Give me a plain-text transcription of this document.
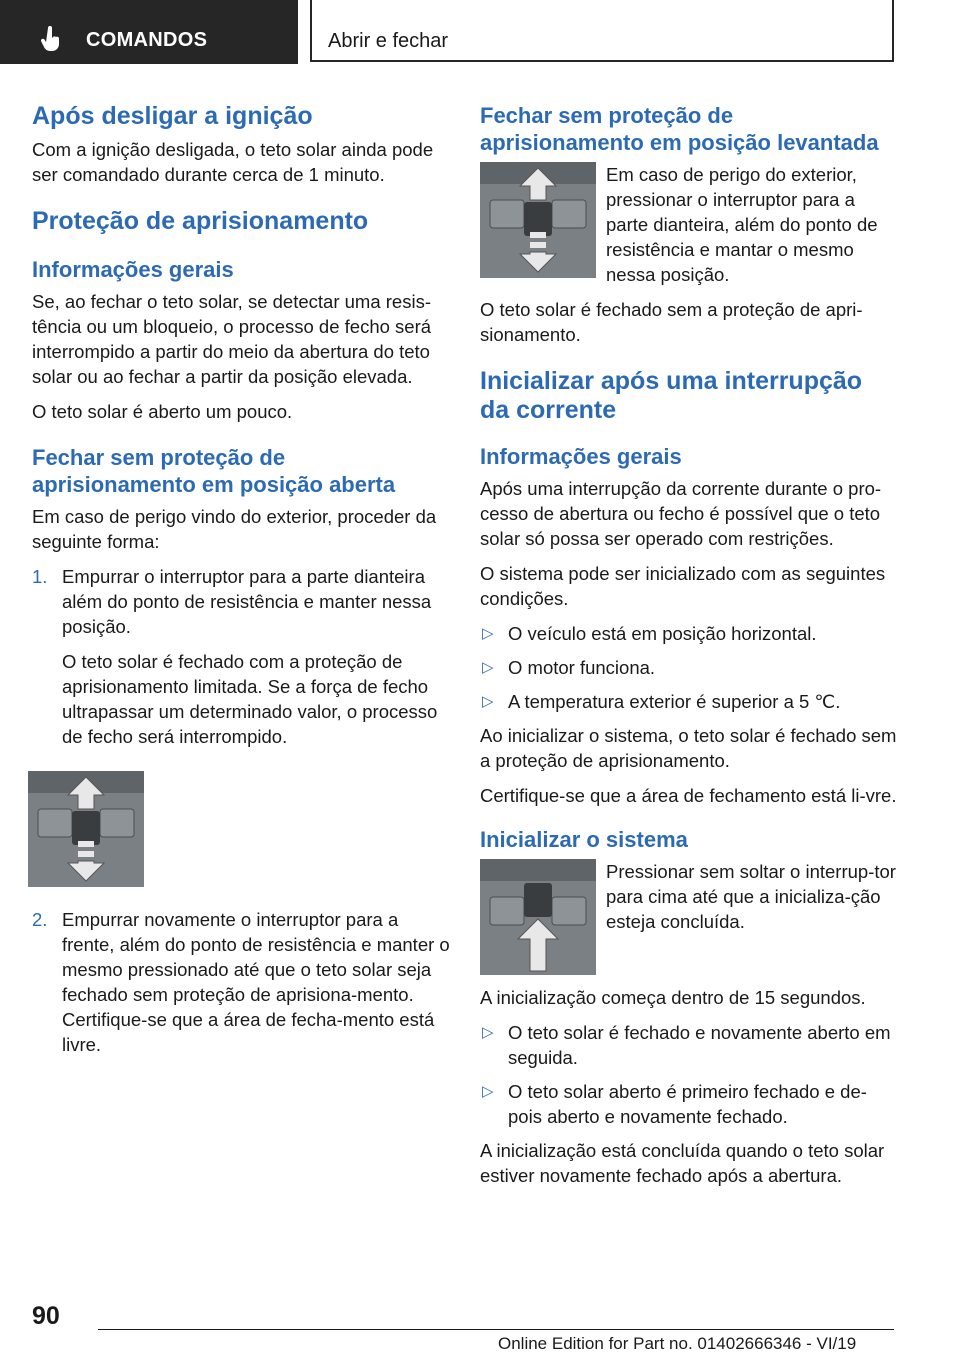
COMANDOS	Abrir e fechar
Após desligar a ignição
Com a ignição desligada, o teto solar ainda pode ser comandado durante cerca de 1 minuto.
Proteção de aprisionamento
Informações gerais
Se, ao fechar o teto solar, se detectar uma resis-tência ou um bloqueio, o processo de fecho será interrompido a partir do meio da abertura do teto solar ou ao fechar a partir da posição elevada.
O teto solar é aberto um pouco.
Fechar sem proteção de aprisionamento em posição aberta
Em caso de perigo vindo do exterior, proceder da seguinte forma:
1. Empurrar o interruptor para a parte dianteira além do ponto de resistência e manter nessa posição.
O teto solar é fechado com a proteção de aprisionamento limitada. Se a força de fecho ultrapassar um determinado valor, o processo de fecho será interrompido.
2. Empurrar novamente o interruptor para a frente, além do ponto de resistência e manter o mesmo pressionado até que o teto solar seja fechado sem proteção de aprisiona-mento. Certifique-se que a área de fecha-mento está livre.
Fechar sem proteção de aprisionamento em posição levantada
Em caso de perigo do exterior, pressionar o interruptor para a parte dianteira, além do ponto de resistência e mantar o mesmo nessa posição.
O teto solar é fechado sem a proteção de apri-sionamento.
Inicializar após uma interrupção da corrente
Informações gerais
Após uma interrupção da corrente durante o pro-cesso de abertura ou fecho é possível que o teto solar só possa ser operado com restrições.
O sistema pode ser inicializado com as seguintes condições.
▷ O veículo está em posição horizontal.
▷ O motor funciona.
▷ A temperatura exterior é superior a 5 ℃.
Ao inicializar o sistema, o teto solar é fechado sem a proteção de aprisionamento.
Certifique-se que a área de fechamento está li-vre.
Inicializar o sistema
Pressionar sem soltar o interrup-tor para cima até que a inicializa-ção esteja concluída.
A inicialização começa dentro de 15 segundos.
▷ O teto solar é fechado e novamente aberto em seguida.
▷ O teto solar aberto é primeiro fechado e de-pois aberto e novamente fechado.
A inicialização está concluída quando o teto solar estiver novamente fechado após a abertura.
90
Online Edition for Part no. 01402666346 - VI/19
